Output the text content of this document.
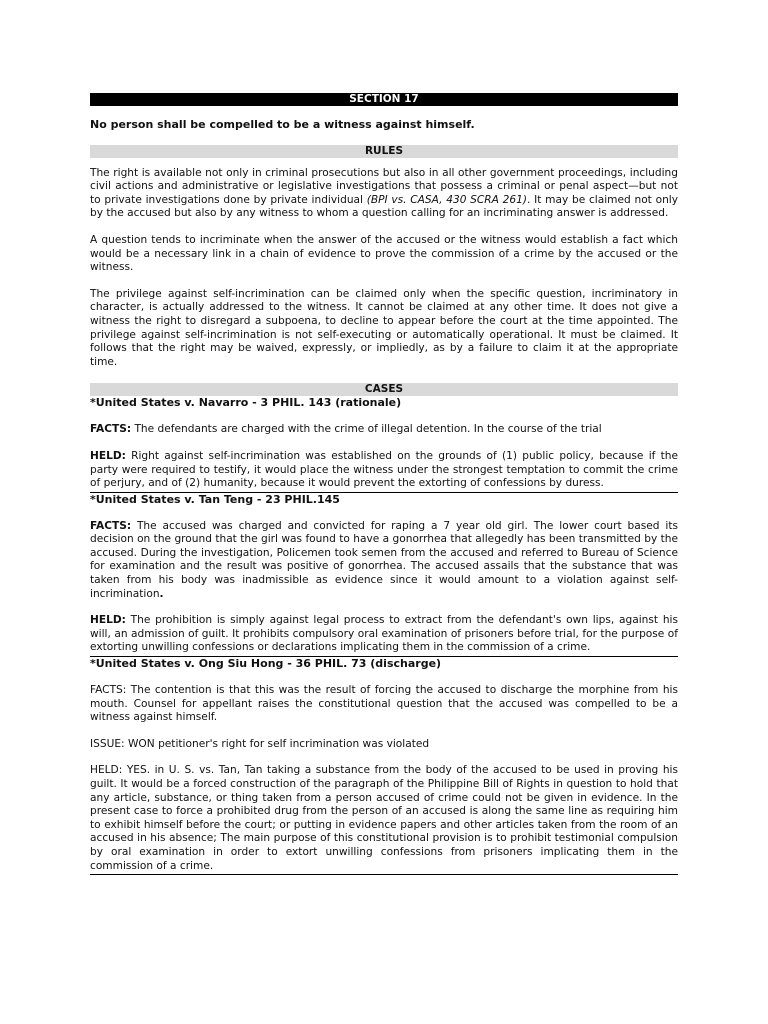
SECTION 17
No person shall be compelled to be a witness against himself.
RULES

The right is available not only in criminal prosecutions but also in all other government proceedings, including civil actions and administrative or legislative investigations that possess a criminal or penal aspect—but not to private investigations done by private individual (BPI vs. CASA, 430 SCRA 261). It may be claimed not only by the accused but also by any witness to whom a question calling for an incriminating answer is addressed.

A question tends to incriminate when the answer of the accused or the witness would establish a fact which would be a necessary link in a chain of evidence to prove the commission of a crime by the accused or the witness.

The privilege against self-incrimination can be claimed only when the specific question, incriminatory in character, is actually addressed to the witness. It cannot be claimed at any other time. It does not give a witness the right to disregard a subpoena, to decline to appear before the court at the time appointed. The privilege against self-incrimination is not self-executing or automatically operational. It must be claimed. It follows that the right may be waived, expressly, or impliedly, as by a failure to claim it at the appropriate time.

CASES
*United States v. Navarro - 3 PHIL. 143 (rationale)

FACTS: The defendants are charged with the crime of illegal detention. In the course of the trial

HELD: Right against self-incrimination was established on the grounds of (1) public policy, because if the party were required to testify, it would place the witness under the strongest temptation to commit the crime of perjury, and of (2) humanity, because it would prevent the extorting of confessions by duress.

*United States v. Tan Teng - 23 PHIL.145

FACTS: The accused was charged and convicted for raping a 7 year old girl. The lower court based its decision on the ground that the girl was found to have a gonorrhea that allegedly has been transmitted by the accused. During the investigation, Policemen took semen from the accused and referred to Bureau of Science for examination and the result was positive of gonorrhea. The accused assails that the substance that was taken from his body was inadmissible as evidence since it would amount to a violation against self-incrimination.

HELD: The prohibition is simply against legal process to extract from the defendant's own lips, against his will, an admission of guilt. It prohibits compulsory oral examination of prisoners before trial, for the purpose of extorting unwilling confessions or declarations implicating them in the commission of a crime.

*United States v. Ong Siu Hong - 36 PHIL. 73 (discharge)

FACTS: The contention is that this was the result of forcing the accused to discharge the morphine from his mouth. Counsel for appellant raises the constitutional question that the accused was compelled to be a witness against himself.

ISSUE: WON petitioner's right for self incrimination was violated

HELD: YES. in U. S. vs. Tan, Tan taking a substance from the body of the accused to be used in proving his guilt. It would be a forced construction of the paragraph of the Philippine Bill of Rights in question to hold that any article, substance, or thing taken from a person accused of crime could not be given in evidence. In the present case to force a prohibited drug from the person of an accused is along the same line as requiring him to exhibit himself before the court; or putting in evidence papers and other articles taken from the room of an accused in his absence; The main purpose of this constitutional provision is to prohibit testimonial compulsion by oral examination in order to extort unwilling confessions from prisoners implicating them in the commission of a crime.
